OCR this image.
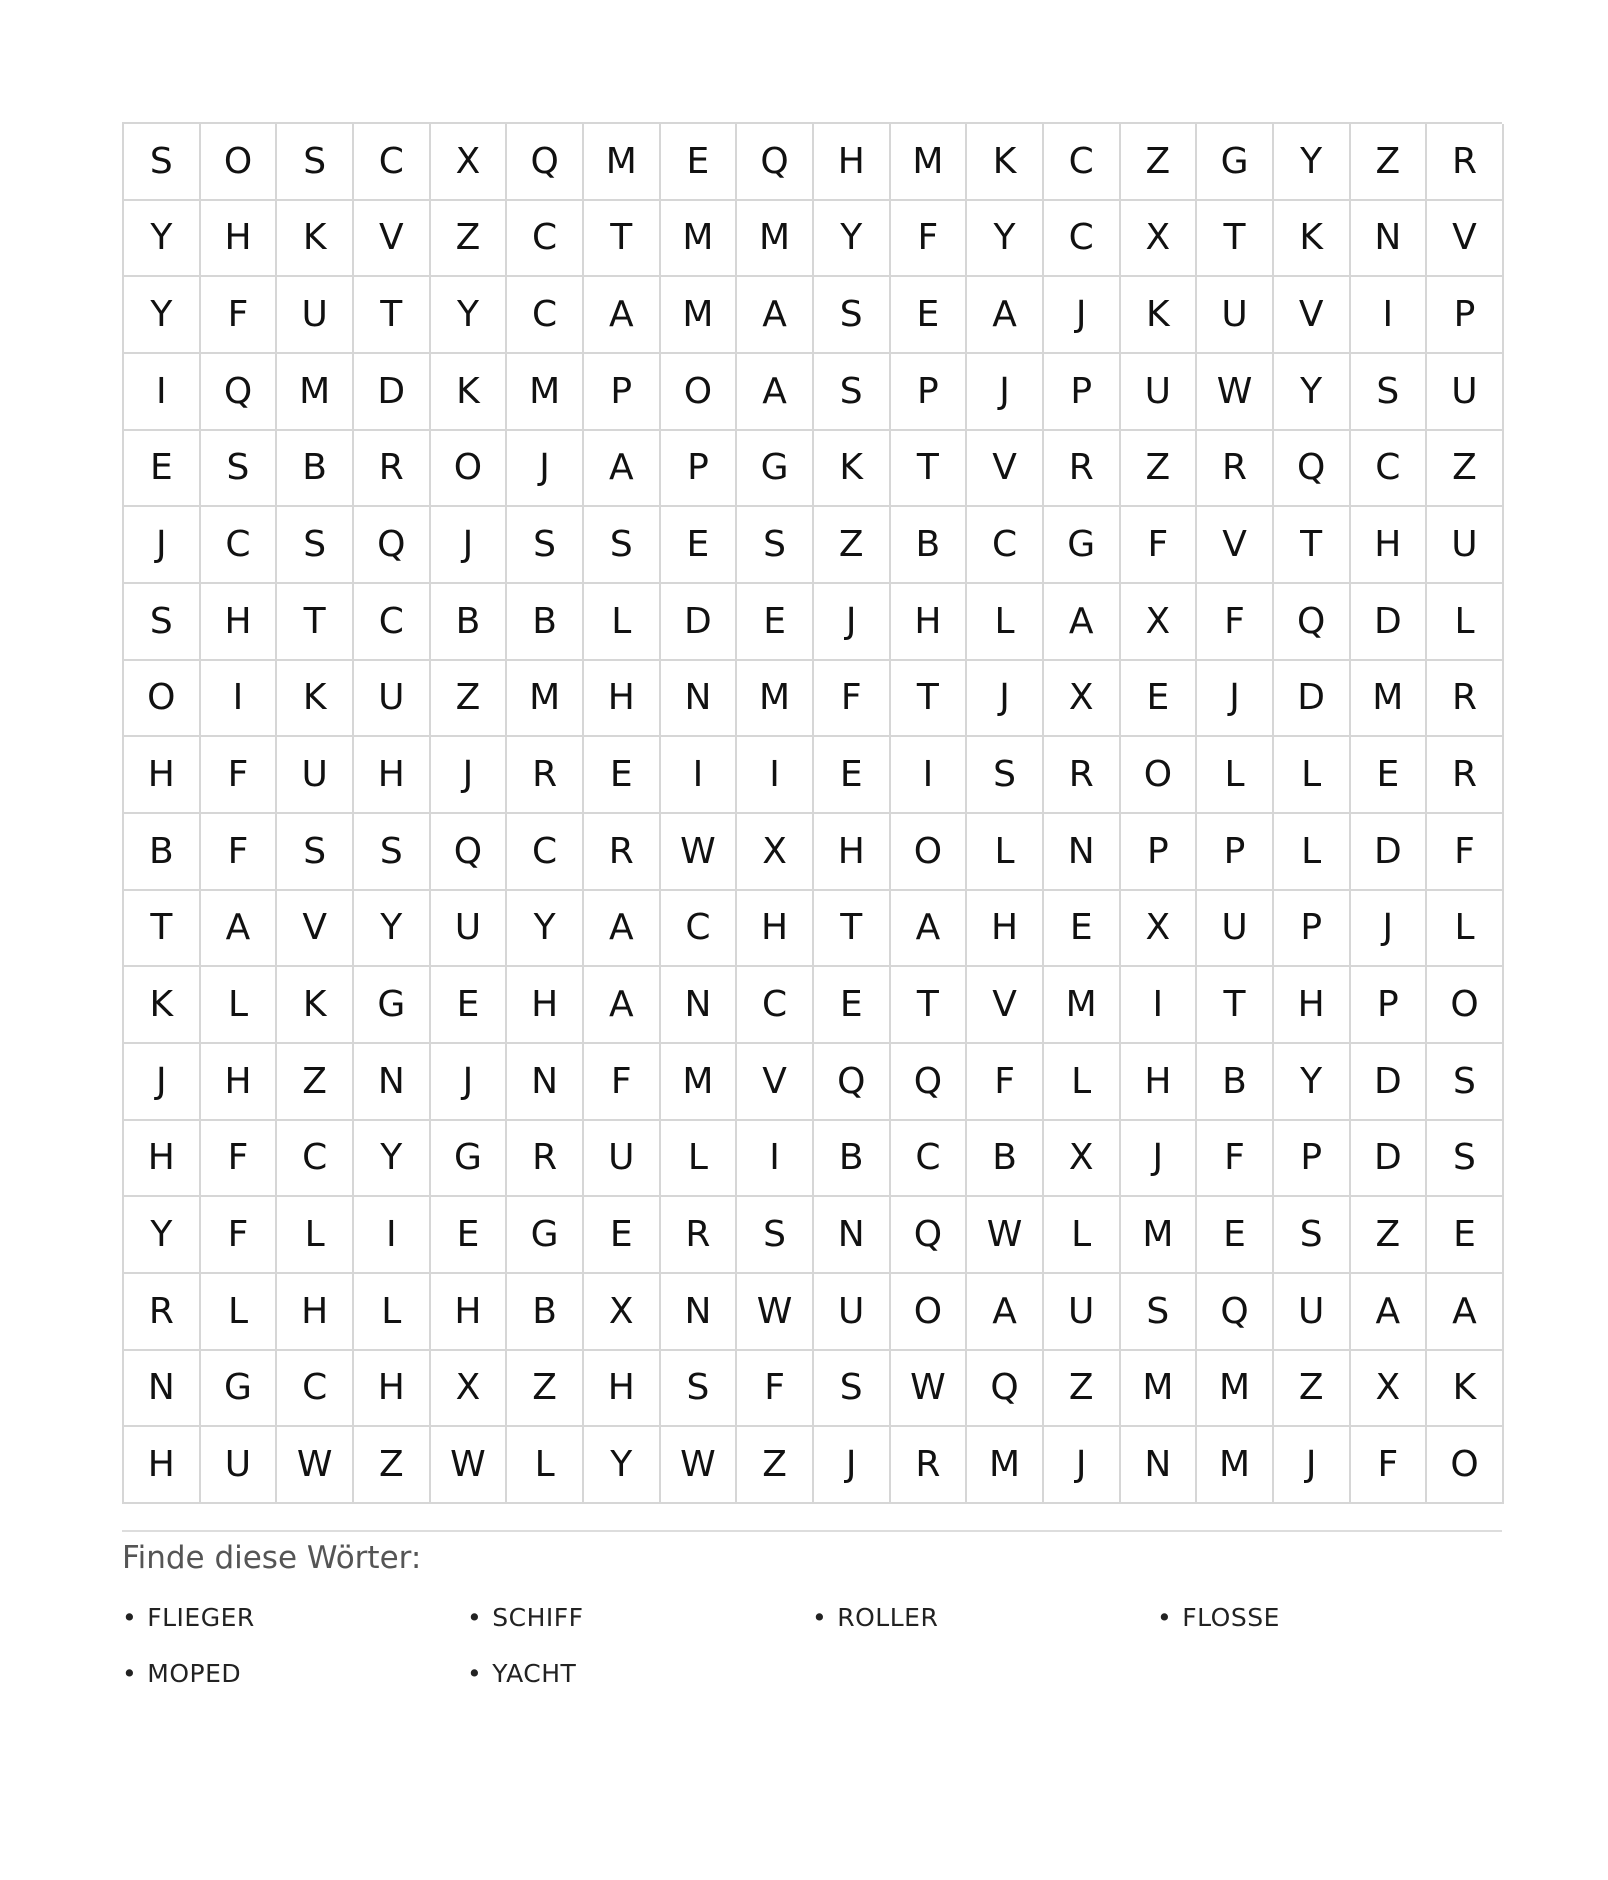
S	O	S	C	X	Q	M	E	Q	H	M	K	C	Z	G	Y	Z	R
Y	H	K	V	Z	C	T	M	M	Y	F	Y	C	X	T	K	N	V
Y	F	U	T	Y	C	A	M	A	S	E	A	J	K	U	V	I	P
I	Q	M	D	K	M	P	O	A	S	P	J	P	U	W	Y	S	U
E	S	B	R	O	J	A	P	G	K	T	V	R	Z	R	Q	C	Z
J	C	S	Q	J	S	S	E	S	Z	B	C	G	F	V	T	H	U
S	H	T	C	B	B	L	D	E	J	H	L	A	X	F	Q	D	L
O	I	K	U	Z	M	H	N	M	F	T	J	X	E	J	D	M	R
H	F	U	H	J	R	E	I	I	E	I	S	R	O	L	L	E	R
B	F	S	S	Q	C	R	W	X	H	O	L	N	P	P	L	D	F
T	A	V	Y	U	Y	A	C	H	T	A	H	E	X	U	P	J	L
K	L	K	G	E	H	A	N	C	E	T	V	M	I	T	H	P	O
J	H	Z	N	J	N	F	M	V	Q	Q	F	L	H	B	Y	D	S
H	F	C	Y	G	R	U	L	I	B	C	B	X	J	F	P	D	S
Y	F	L	I	E	G	E	R	S	N	Q	W	L	M	E	S	Z	E
R	L	H	L	H	B	X	N	W	U	O	A	U	S	Q	U	A	A
N	G	C	H	X	Z	H	S	F	S	W	Q	Z	M	M	Z	X	K
H	U	W	Z	W	L	Y	W	Z	J	R	M	J	N	M	J	F	O
Finde diese Wörter:
• FLIEGER	• SCHIFF	• ROLLER	• FLOSSE
• MOPED	• YACHT
